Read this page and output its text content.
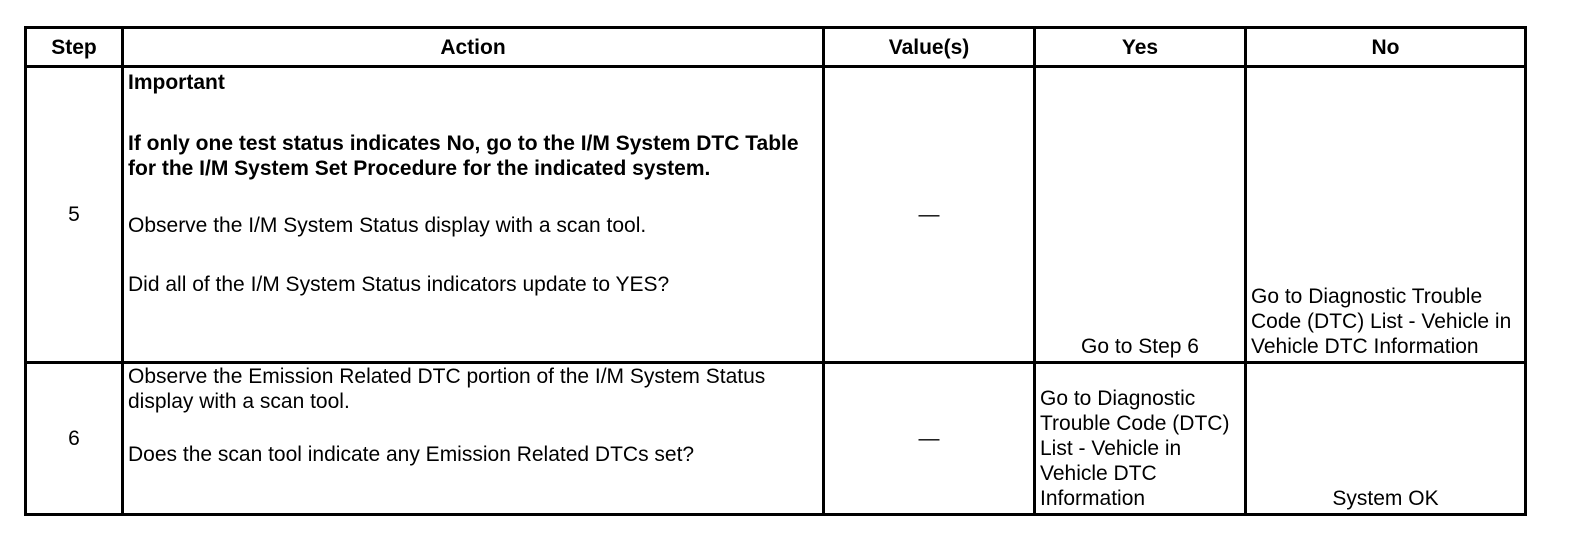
Step	Action	Value(s)	Yes	No
5	Important
If only one test status indicates No, go to the I/M System DTC Table for the I/M System Set Procedure for the indicated system.
Observe the I/M System Status display with a scan tool.
Did all of the I/M System Status indicators update to YES?	—	Go to Step 6	Go to Diagnostic Trouble Code (DTC) List - Vehicle in Vehicle DTC Information

6	Observe the Emission Related DTC portion of the I/M System Status display with a scan tool.
Does the scan tool indicate any Emission Related DTCs set?	—	Go to Diagnostic Trouble Code (DTC) List - Vehicle in Vehicle DTC Information	System OK
